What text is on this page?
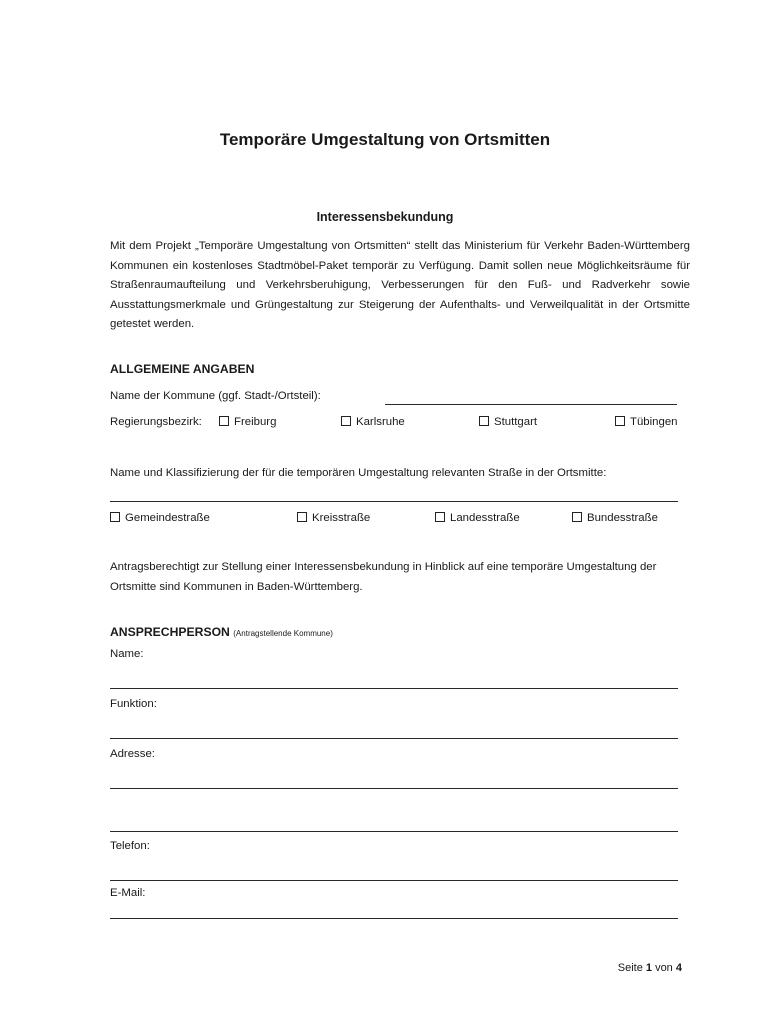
Temporäre Umgestaltung von Ortsmitten
Interessensbekundung
Mit dem Projekt „Temporäre Umgestaltung von Ortsmitten“ stellt das Ministerium für Verkehr Baden-Württemberg Kommunen ein kostenloses Stadtmöbel-Paket temporär zu Verfügung. Damit sollen neue Möglichkeitsräume für Straßenraumaufteilung und Verkehrsberuhigung, Verbesserungen für den Fuß- und Radverkehr sowie Ausstattungsmerkmale und Grüngestaltung zur Steigerung der Aufenthalts- und Verweilqualität in der Ortsmitte getestet werden.
ALLGEMEINE ANGABEN
Name der Kommune (ggf. Stadt-/Ortsteil):
Regierungsbezirk:	Freiburg	Karlsruhe	Stuttgart	Tübingen
Name und Klassifizierung der für die temporären Umgestaltung relevanten Straße in der Ortsmitte:
Gemeindestraße	Kreisstraße	Landesstraße	Bundesstraße
Antragsberechtigt zur Stellung einer Interessensbekundung in Hinblick auf eine temporäre Umgestaltung der Ortsmitte sind Kommunen in Baden-Württemberg.
ANSPRECHPERSON (Antragstellende Kommune)
Name:
Funktion:
Adresse:
Telefon:
E-Mail:
Seite 1 von 4
